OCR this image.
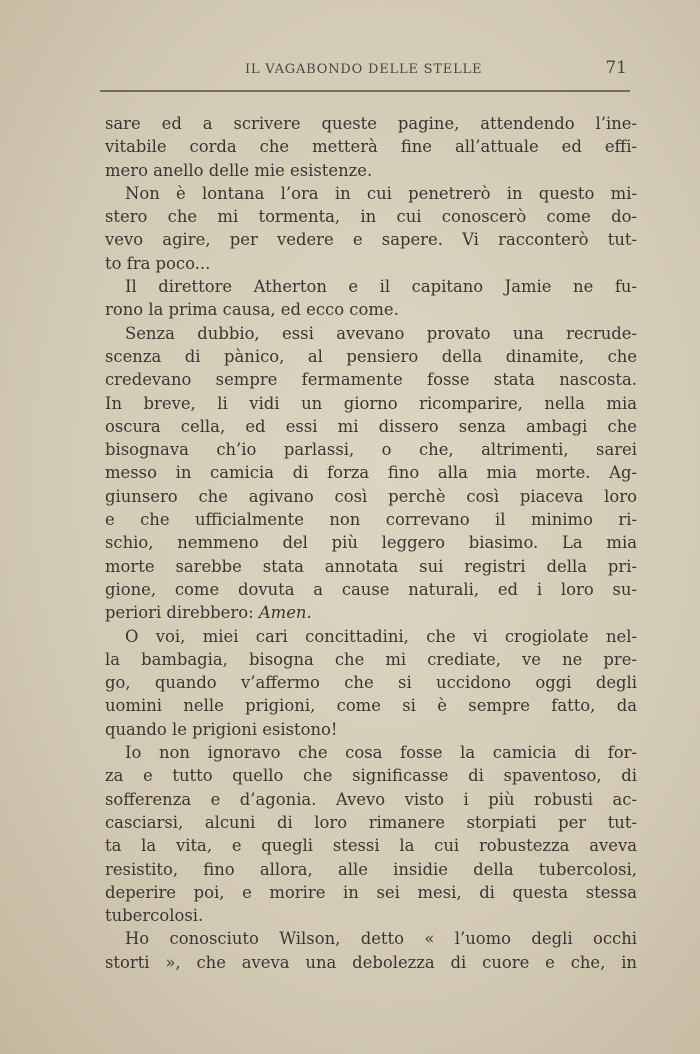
IL VAGABONDO DELLE STELLE	71
sare ed a scrivere queste pagine, attendendo l’ine-
vitabile corda che metterà fine all’attuale ed effi-
mero anello delle mie esistenze.
Non è lontana l’ora in cui penetrerò in questo mi-
stero che mi tormenta, in cui conoscerò come do-
vevo agire, per vedere e sapere. Vi racconterò tut-
to fra poco...
Il direttore Atherton e il capitano Jamie ne fu-
rono la prima causa, ed ecco come.
Senza dubbio, essi avevano provato una recrude-
scenza di pànico, al pensiero della dinamite, che
credevano sempre fermamente fosse stata nascosta.
In breve, li vidi un giorno ricomparire, nella mia
oscura cella, ed essi mi dissero senza ambagi che
bisognava ch’io parlassi, o che, altrimenti, sarei
messo in camicia di forza fino alla mia morte. Ag-
giunsero che agivano così perchè così piaceva loro
e che ufficialmente non correvano il minimo ri-
schio, nemmeno del più leggero biasimo. La mia
morte sarebbe stata annotata sui registri della pri-
gione, come dovuta a cause naturali, ed i loro su-
periori direbbero: Amen.
O voi, miei cari concittadini, che vi crogiolate nel-
la bambagia, bisogna che mi crediate, ve ne pre-
go, quando v’affermo che si uccidono oggi degli
uomini nelle prigioni, come si è sempre fatto, da
quando le prigioni esistono!
Io non ignoravo che cosa fosse la camicia di for-
za e tutto quello che significasse di spaventoso, di
sofferenza e d’agonia. Avevo visto i più robusti ac-
casciarsi, alcuni di loro rimanere storpiati per tut-
ta la vita, e quegli stessi la cui robustezza aveva
resistito, fino allora, alle insidie della tubercolosi,
deperire poi, e morire in sei mesi, di questa stessa
tubercolosi.
Ho conosciuto Wilson, detto « l’uomo degli occhi
storti », che aveva una debolezza di cuore e che, in
